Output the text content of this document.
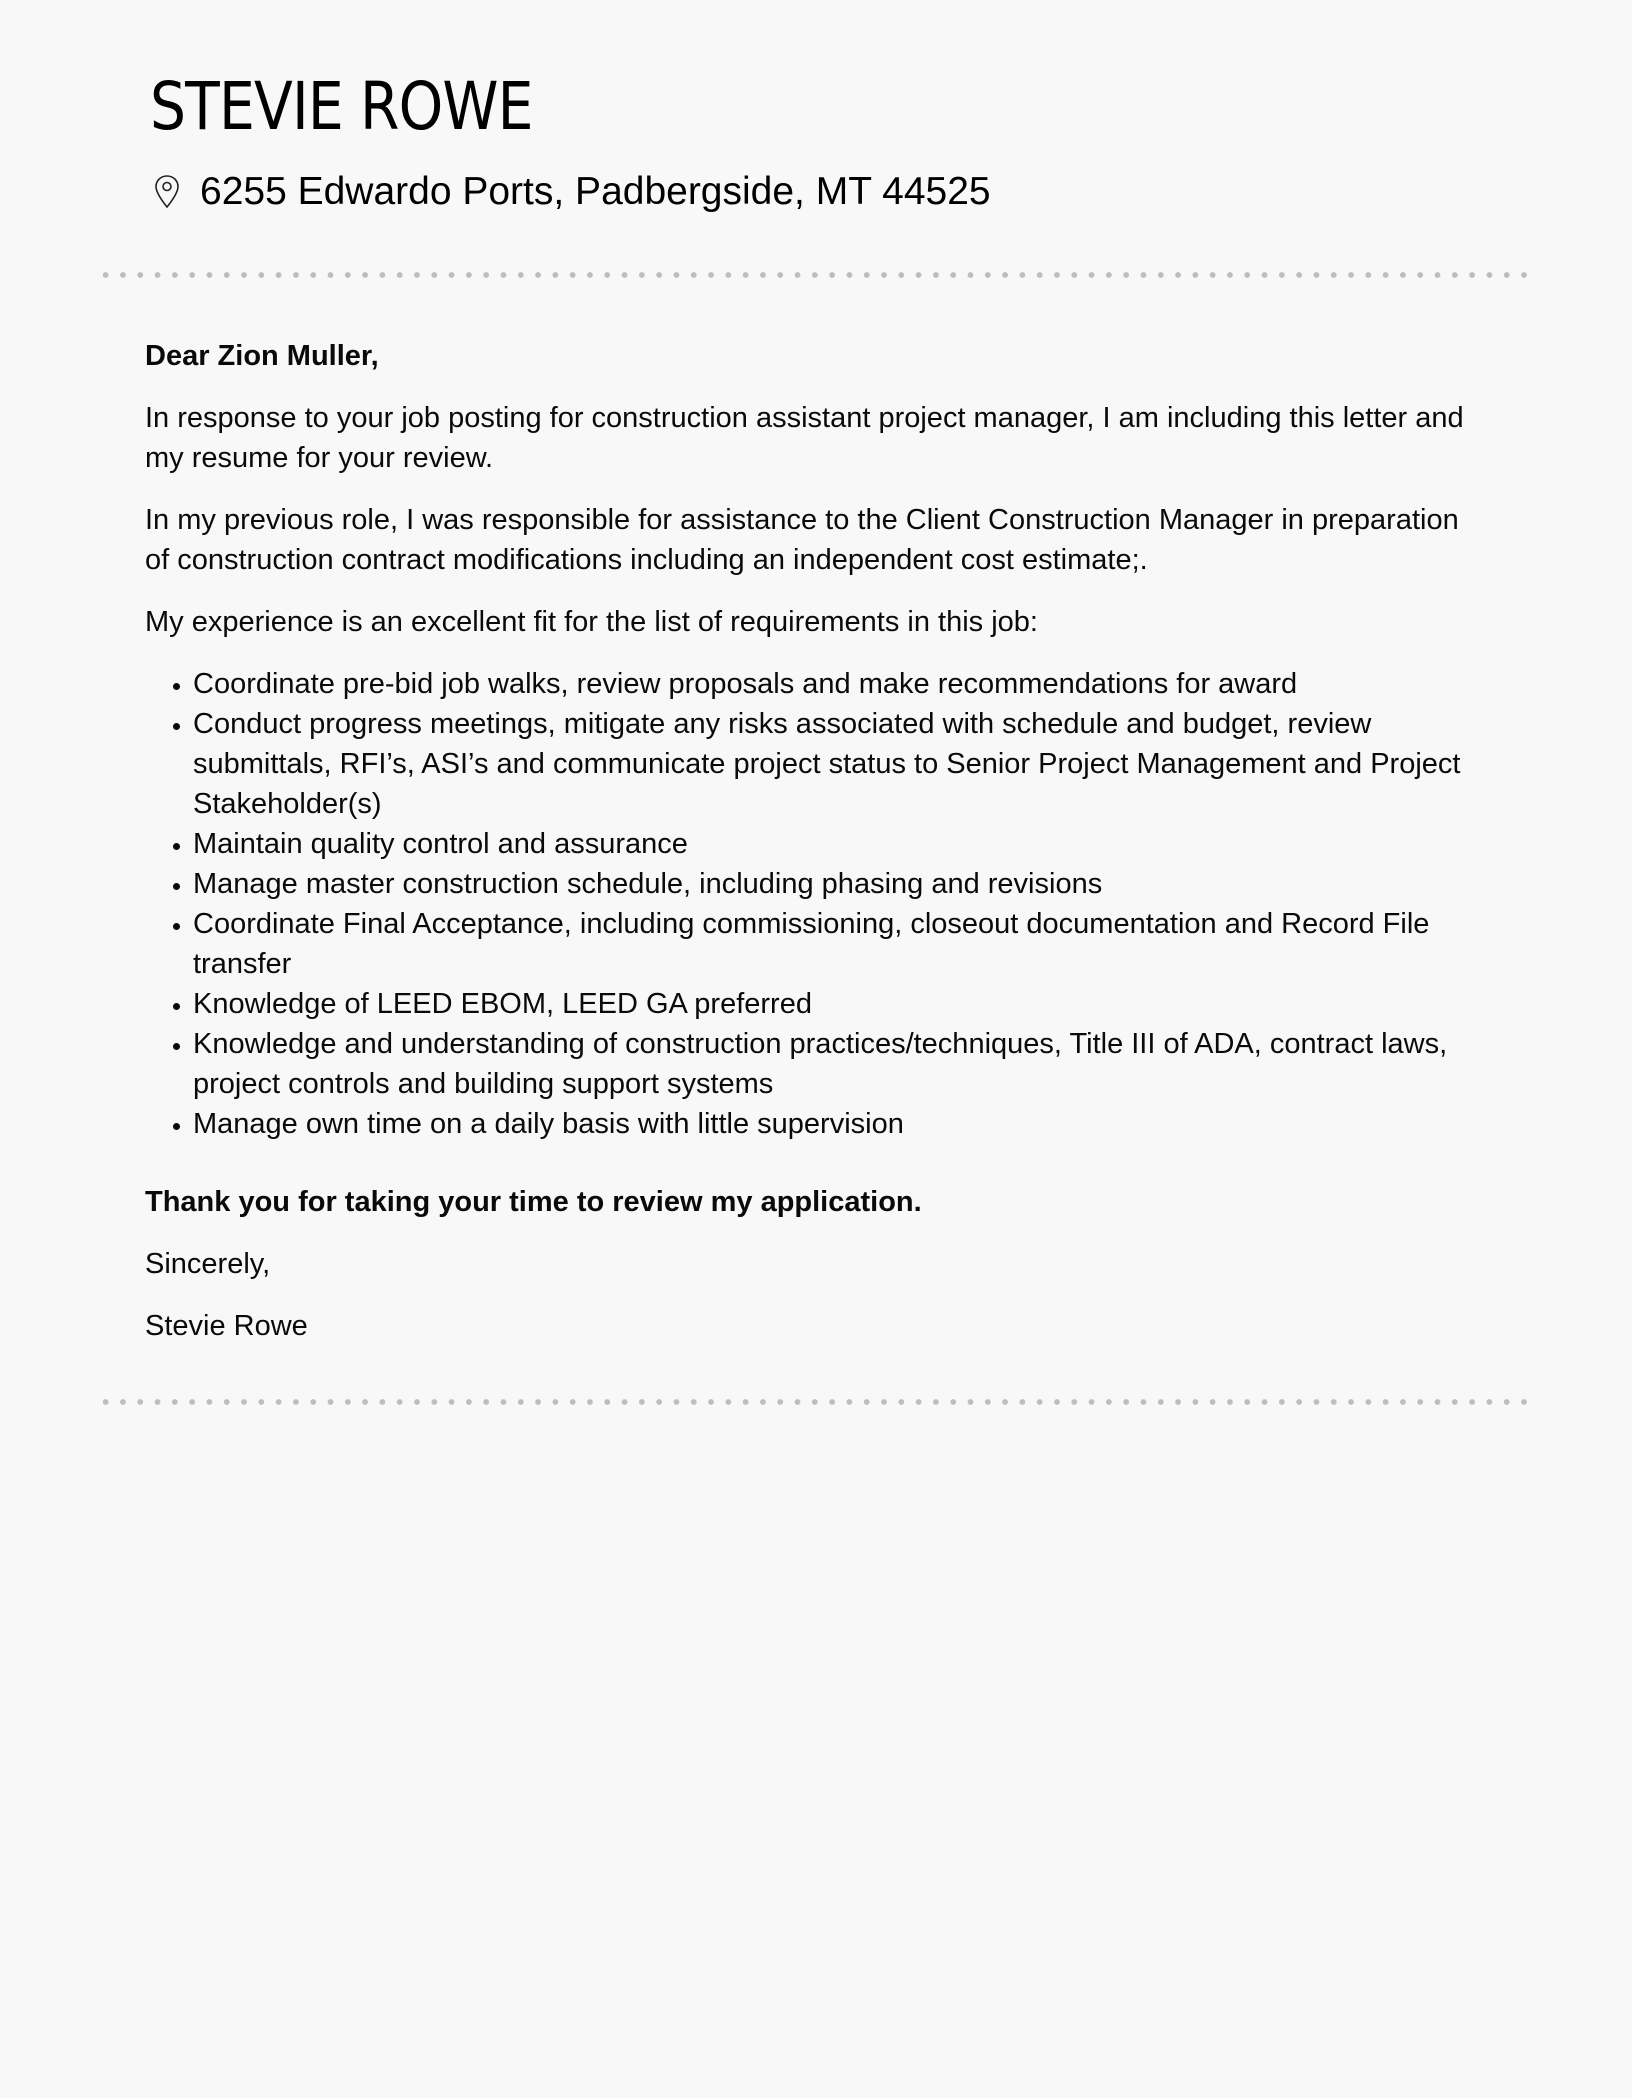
STEVIE ROWE
6255 Edwardo Ports, Padbergside, MT 44525

Dear Zion Muller,

In response to your job posting for construction assistant project manager, I am including this letter and my resume for your review.

In my previous role, I was responsible for assistance to the Client Construction Manager in preparation of construction contract modifications including an independent cost estimate;.

My experience is an excellent fit for the list of requirements in this job:

• Coordinate pre-bid job walks, review proposals and make recommendations for award
• Conduct progress meetings, mitigate any risks associated with schedule and budget, review submittals, RFI’s, ASI’s and communicate project status to Senior Project Management and Project Stakeholder(s)
• Maintain quality control and assurance
• Manage master construction schedule, including phasing and revisions
• Coordinate Final Acceptance, including commissioning, closeout documentation and Record File transfer
• Knowledge of LEED EBOM, LEED GA preferred
• Knowledge and understanding of construction practices/techniques, Title III of ADA, contract laws, project controls and building support systems
• Manage own time on a daily basis with little supervision

Thank you for taking your time to review my application.

Sincerely,

Stevie Rowe
